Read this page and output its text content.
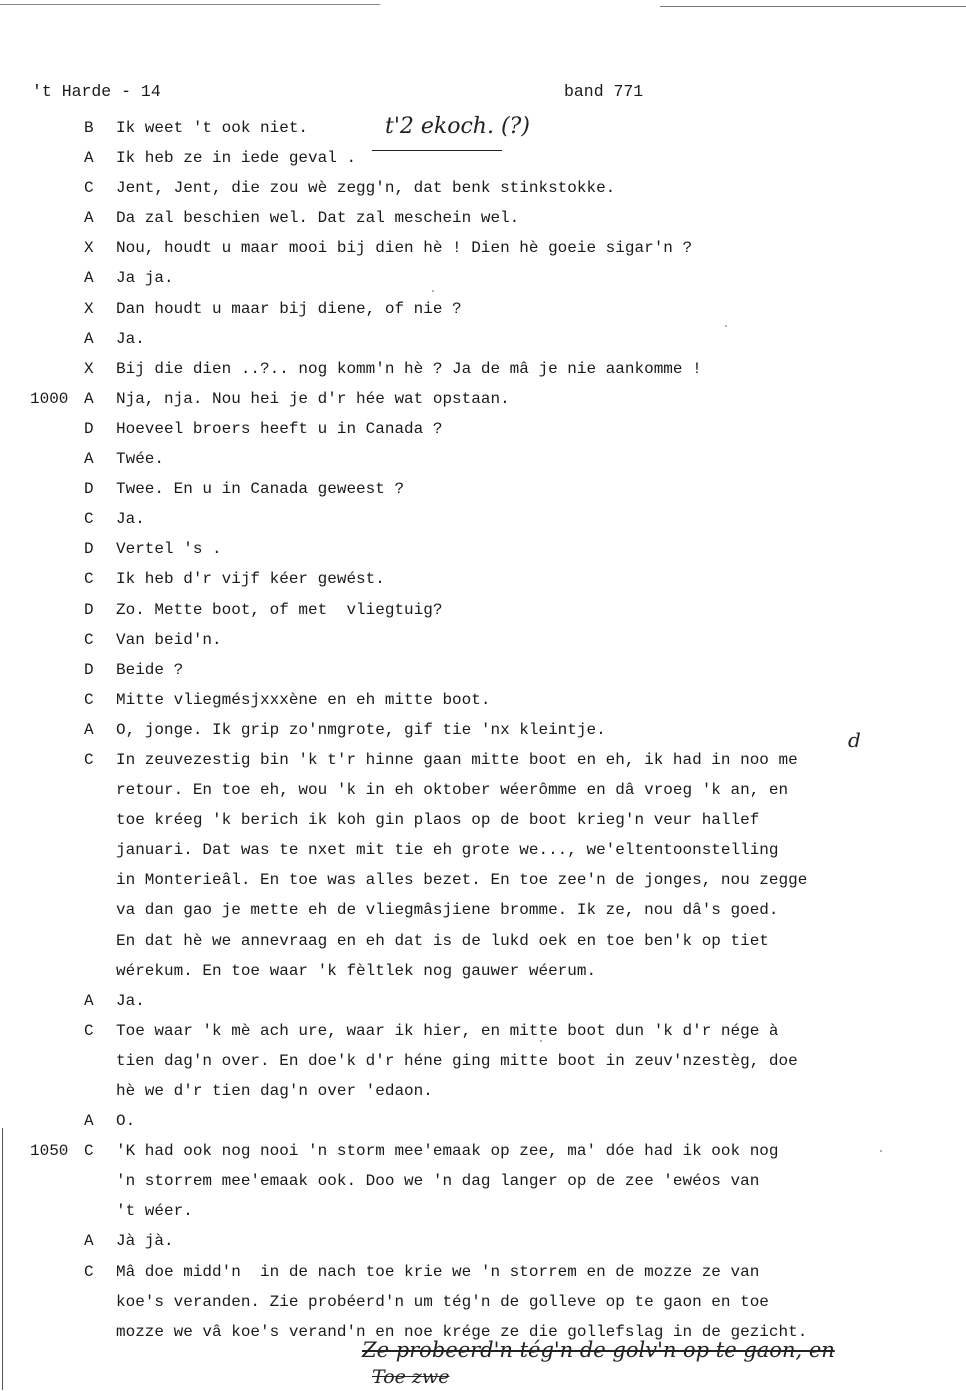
't Harde - 14	band 771
B Ik weet 't ook niet.
A Ik heb ze in iede geval .
C Jent, Jent, die zou wè zegg'n, dat benk stinkstokke.
A Da zal beschien wel. Dat zal meschein wel.
X Nou, houdt u maar mooi bij dien hè ! Dien hè goeie sigar'n ?
A Ja ja.
X Dan houdt u maar bij diene, of nie ?
A Ja.
X Bij die dien ..?.. nog komm'n hè ? Ja de mâ je nie aankomme !
1000 A Nja, nja. Nou hei je d'r hée wat opstaan.
D Hoeveel broers heeft u in Canada ?
A Twée.
D Twee. En u in Canada geweest ?
C Ja.
D Vertel 's .
C Ik heb d'r vijf kéer gewést.
D Zo. Mette boot, of met  vliegtuig?
C Van beid'n.
D Beide ?
C Mitte vliegmésjxxxène en eh mitte boot.
A O, jonge. Ik grip zo'nmgrote, gif tie 'nx kleintje.
C In zeuvezestig bin 'k t'r hinne gaan mitte boot en eh, ik had in noo me
retour. En toe eh, wou 'k in eh oktober wéerômme en dâ vroeg 'k an, en
toe kréeg 'k berich ik koh gin plaos op de boot krieg'n veur hallef
januari. Dat was te nxet mit tie eh grote we..., we'eltentoonstelling
in Monterieâl. En toe was alles bezet. En toe zee'n de jonges, nou zegge
va dan gao je mette eh de vliegmâsjiene bromme. Ik ze, nou dâ's goed.
En dat hè we annevraag en eh dat is de lukd oek en toe ben'k op tiet
wérekum. En toe waar 'k fèltlek nog gauwer wéerum.
A Ja.
C Toe waar 'k mè ach ure, waar ik hier, en mitte boot dun 'k d'r nége à
tien dag'n over. En doe'k d'r héne ging mitte boot in zeuv'nzestèg, doe
hè we d'r tien dag'n over 'edaon.
A O.
1050 C 'K had ook nog nooi 'n storm mee'emaak op zee, ma' dóe had ik ook nog
'n storrem mee'emaak ook. Doo we 'n dag langer op de zee 'ewéos van
't wéer.
A Jà jà.
C Mâ doe midd'n  in de nach toe krie we 'n storrem en de mozze ze van
koe's veranden. Zie probéerd'n um tég'n de golleve op te gaon en toe
mozze we vâ koe's verand'n en noe krége ze die gollefslag in de gezicht.
t'2 ekoch. (?)
d
Ze probeerd'n tég'n de golv'n op te gaon, en
Toe zwe
